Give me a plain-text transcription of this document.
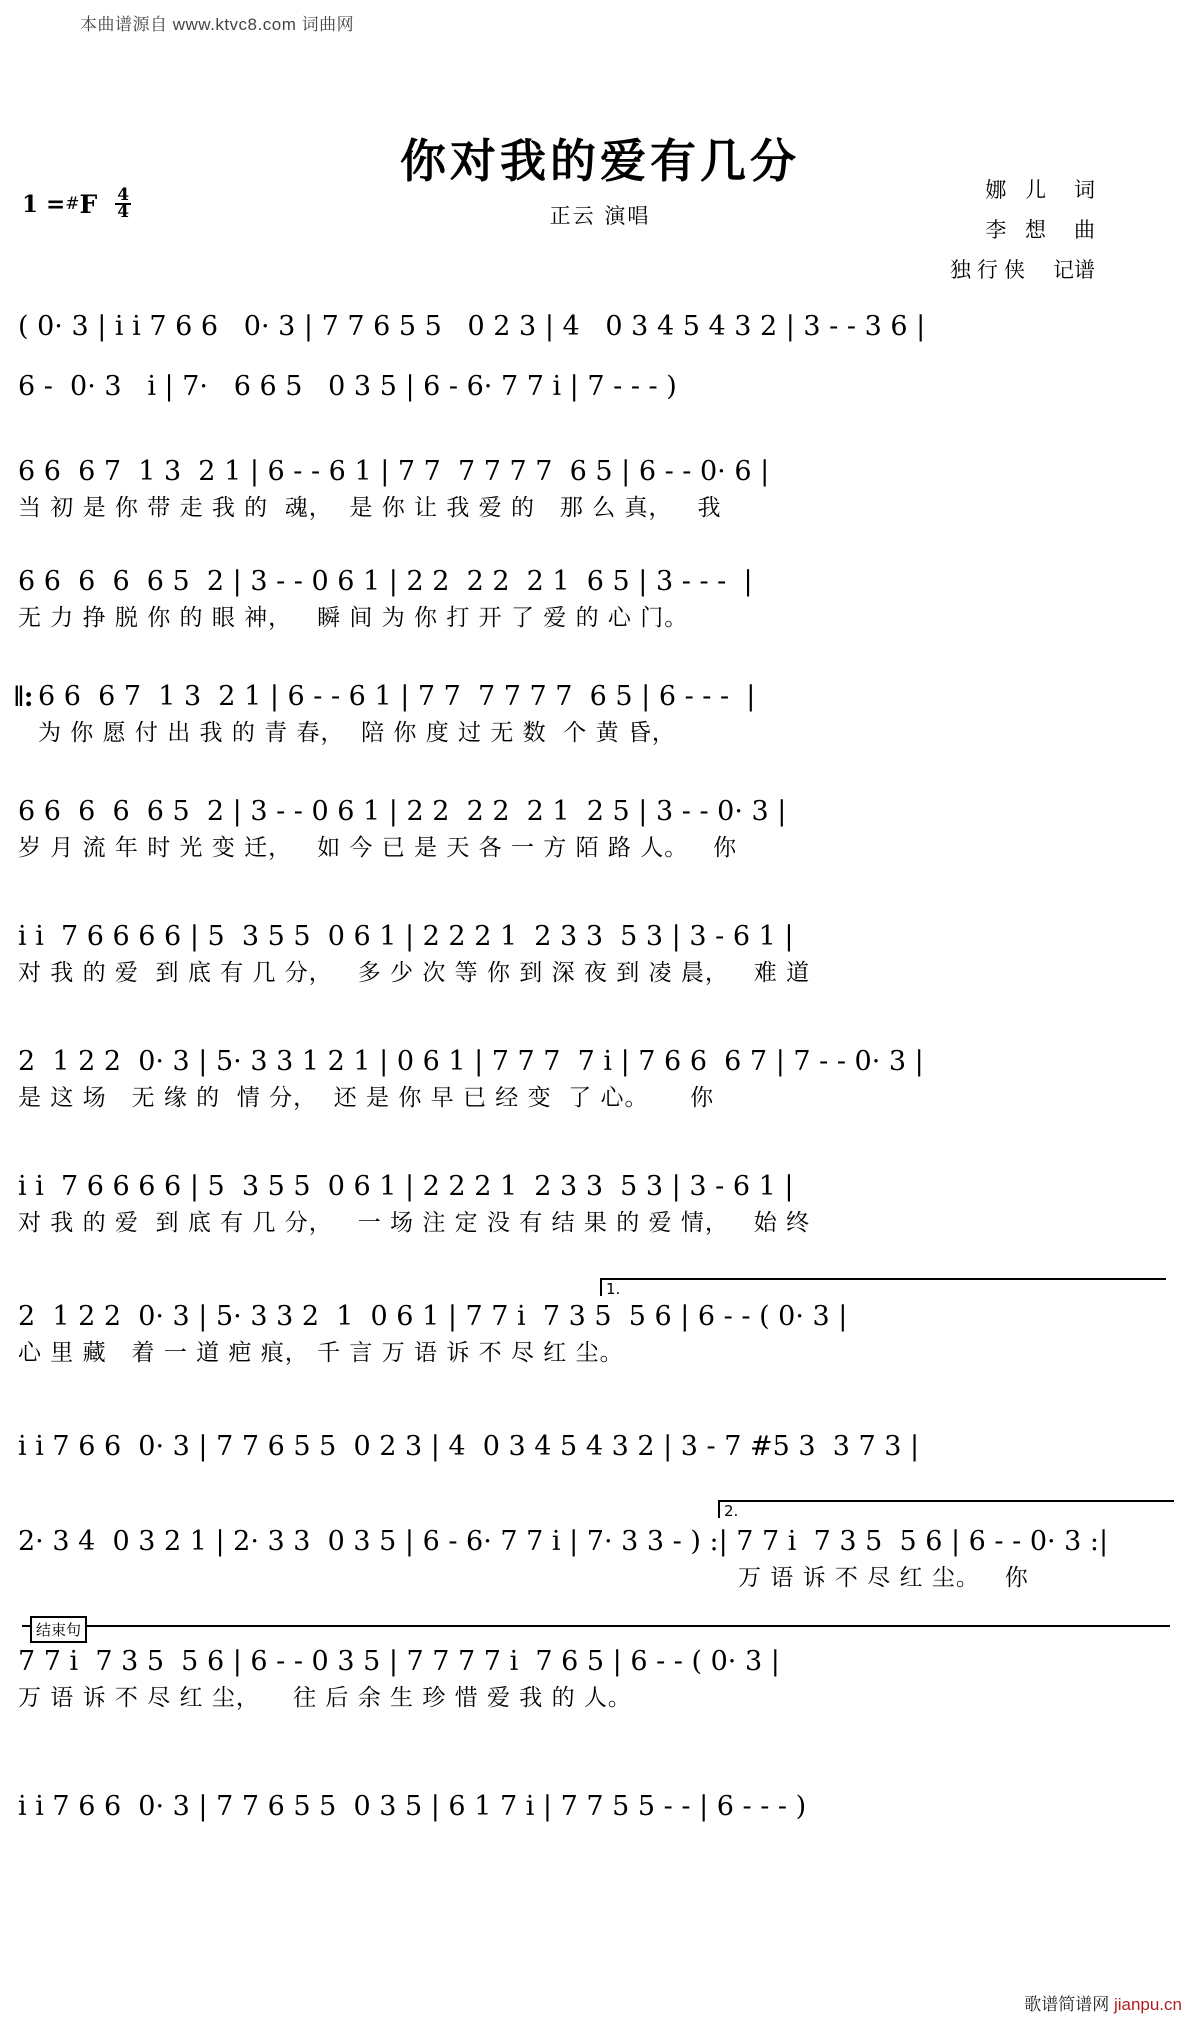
本曲谱源自 www.ktvc8.com 词曲网
你对我的爱有几分
正云 演唱
1 = # F $\frac{4}{4}$	娜 儿 词
李 想 曲
独行侠 记谱
( 0· 3 | i i 7 6 6   0· 3 | 7 7 6 5 5   0 2 3 | 4   0 3 4 5 4 3 2 | 3 - - 3 6 |
6 -  0· 3   i | 7·   6 6 5   0 3 5 | 6 - 6· 7 7 i | 7 - - - )
6 6  6 7  1 3  2 1 | 6 - - 6 1 | 7 7  7 7 7 7  6 5 | 6 - - 0· 6 |
当 初 是 你 带 走 我 的  魂，  是 你 让 我 爱 的   那 么 真，   我
6 6  6  6  6 5  2 | 3 - - 0 6 1 | 2 2  2 2  2 1  6 5 | 3 - - -  |
无 力 挣 脱 你 的 眼 神，   瞬 间 为 你 打 开 了 爱 的 心 门。
6 6  6 7  1 3  2 1 | 6 - - 6 1 | 7 7  7 7 7 7  6 5 | 6 - - -  |
为 你 愿 付 出 我 的 青 春，  陪 你 度 过 无 数  个 黄 昏，
‖:
6 6  6  6  6 5  2 | 3 - - 0 6 1 | 2 2  2 2  2 1  2 5 | 3 - - 0· 3 |
岁 月 流 年 时 光 变 迁，   如 今 已 是 天 各 一 方 陌 路 人。   你
i i  7 6 6 6 6 | 5  3 5 5  0 6 1 | 2 2 2 1  2 3 3  5 3 | 3 - 6 1 |
对 我 的 爱  到 底 有 几 分，   多 少 次 等 你 到 深 夜 到 凌 晨，   难 道
2  1 2 2  0· 3 | 5· 3 3 1 2 1 | 0 6 1 | 7 7 7  7 i | 7 6 6  6 7 | 7 - - 0· 3 |
是 这 场   无 缘 的  情 分，  还 是 你 早 已 经 变  了 心。     你
i i  7 6 6 6 6 | 5  3 5 5  0 6 1 | 2 2 2 1  2 3 3  5 3 | 3 - 6 1 |
对 我 的 爱  到 底 有 几 分，   一 场 注 定 没 有 结 果 的 爱 情，   始 终
1.
2  1 2 2  0· 3 | 5· 3 3 2  1  0 6 1 | 7 7 i  7 3 5  5 6 | 6 - - ( 0· 3 |
心 里 藏   着 一 道 疤 痕， 千 言 万 语 诉 不 尽 红 尘。
i i 7 6 6  0· 3 | 7 7 6 5 5  0 2 3 | 4  0 3 4 5 4 3 2 | 3 - 7 #5 3  3 7 3 |
2.
2· 3 4  0 3 2 1 | 2· 3 3  0 3 5 | 6 - 6· 7 7 i | 7· 3 3 - ) :| 7 7 i  7 3 5  5 6 | 6 - - 0· 3 :|
万 语 诉 不 尽 红 尘。   你
结束句
7 7 i  7 3 5  5 6 | 6 - - 0 3 5 | 7 7 7 7 i  7 6 5 | 6 - - ( 0· 3 |
万 语 诉 不 尽 红 尘，    往 后 余 生 珍 惜 爱 我 的 人。
i i 7 6 6  0· 3 | 7 7 6 5 5  0 3 5 | 6 1 7 i | 7 7 5 5 - - | 6 - - - )
歌谱简谱网 jianpu.cn
